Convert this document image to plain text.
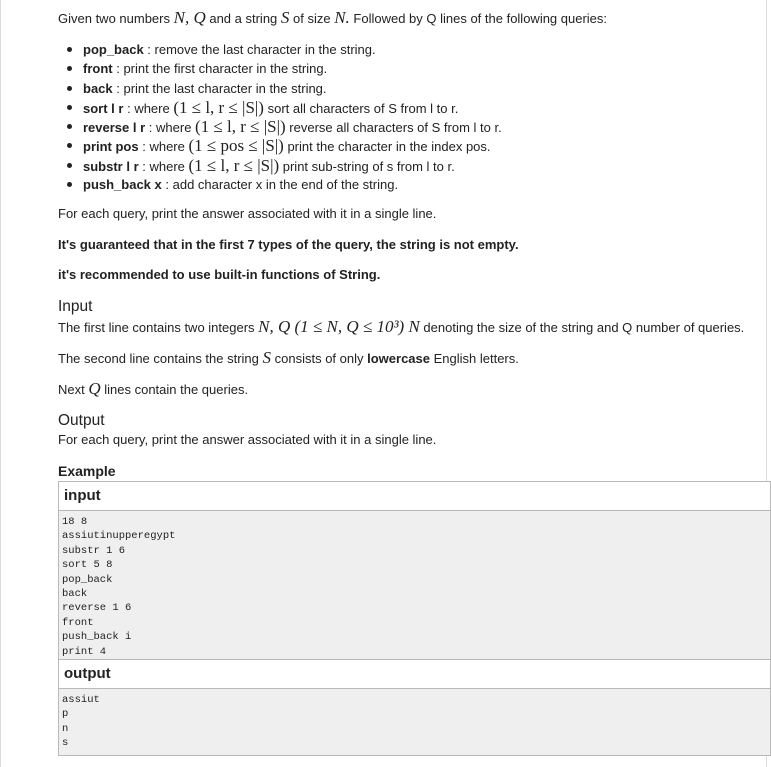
Given two numbers N, Q and a string S of size N. Followed by Q lines of the following queries:

pop_back : remove the last character in the string.
front : print the first character in the string.
back : print the last character in the string.
sort l r : where (1 ≤ l, r ≤ |S|) sort all characters of S from l to r.
reverse l r : where (1 ≤ l, r ≤ |S|) reverse all characters of S from l to r.
print pos : where (1 ≤ pos ≤ |S|) print the character in the index pos.
substr l r : where (1 ≤ l, r ≤ |S|) print sub-string of s from l to r.
push_back x : add character x in the end of the string.

For each query, print the answer associated with it in a single line.

It's guaranteed that in the first 7 types of the query, the string is not empty.

it's recommended to use built-in functions of String.

Input

The first line contains two integers N, Q (1 ≤ N, Q ≤ 10³) N denoting the size of the string and Q number of queries.

The second line contains the string S consists of only lowercase English letters.

Next Q lines contain the queries.

Output

For each query, print the answer associated with it in a single line.

Example
input
18 8
assiutinupperegypt
substr 1 6
sort 5 8
pop_back
back
reverse 1 6
front
push_back i
print 4
output
assiut
p
n
s
